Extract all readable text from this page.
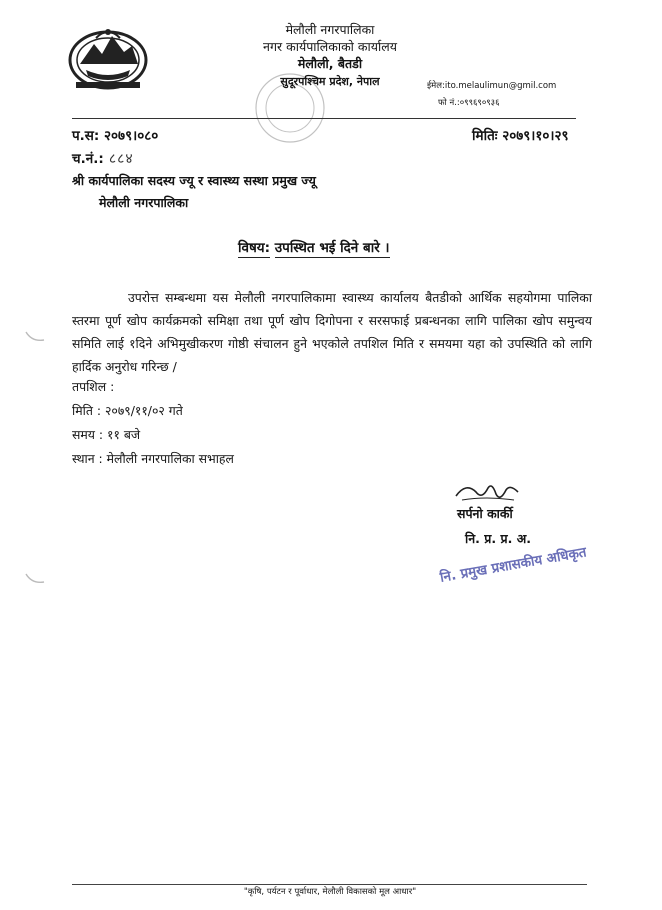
मेलौली नगरपालिका
नगर कार्यपालिकाको कार्यालय
मेलौली, बैतडी
सुदूरपश्चिम प्रदेश, नेपाल	ईमेल:ito.melaulimun@gmil.com
फो नं.:०९९६९०९३६
प.स: २०७९।०८०	मितिः २०७९।१०।२९
च.नं.: ८८४
श्री कार्यपालिका सदस्य ज्यू र स्वास्थ्य सस्था प्रमुख ज्यू
मेलौली नगरपालिका
विषय: उपस्थित भई दिने बारे ।

उपरोत्त सम्बन्धमा यस मेलौली नगरपालिकामा स्वास्थ्य कार्यालय बैतडीको आर्थिक सहयोगमा पालिका स्तरमा पूर्ण खोप कार्यक्रमको समिक्षा तथा पूर्ण खोप दिगोपना र सरसफाई प्रबन्धनका लागि पालिका खोप समुन्वय समिति लाई १दिने अभिमुखीकरण गोष्ठी संचालन हुने भएकोले तपशिल मिति र समयमा यहा को उपस्थिति को लागि हार्दिक अनुरोध गरिन्छ /

तपशिल :
मिति : २०७९/११/०२ गते
समय : ११ बजे
स्थान : मेलौली नगरपालिका सभाहल
सर्पनो कार्की
नि. प्र. प्र. अ.
नि. प्रमुख प्रशासकीय अधिकृत
"कृषि, पर्यटन र पूर्वाधार, मेलौली विकासको मूल आधार"
